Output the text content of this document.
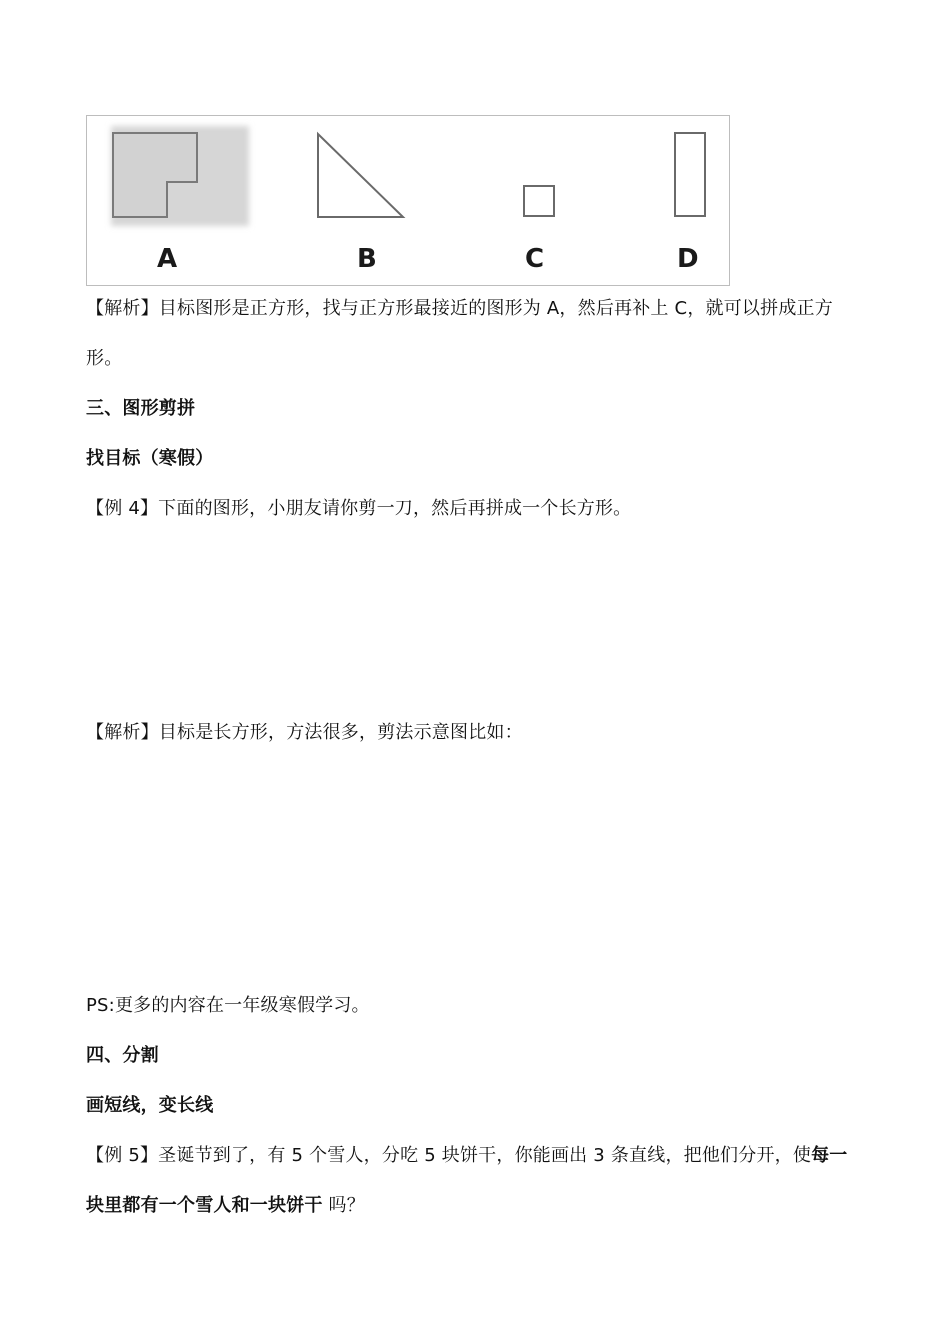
A	B	C	D
【解析】目标图形是正方形，找与正方形最接近的图形为 A，然后再补上 C，就可以拼成正方
形。
三、图形剪拼
找目标（寒假）
【例 4】下面的图形，小朋友请你剪一刀，然后再拼成一个长方形。
【解析】目标是长方形，方法很多，剪法示意图比如：
PS:更多的内容在一年级寒假学习。
四、分割
画短线，变长线
【例 5】圣诞节到了，有 5 个雪人，分吃 5 块饼干，你能画出 3 条直线，把他们分开，使每一
块里都有一个雪人和一块饼干 吗？
